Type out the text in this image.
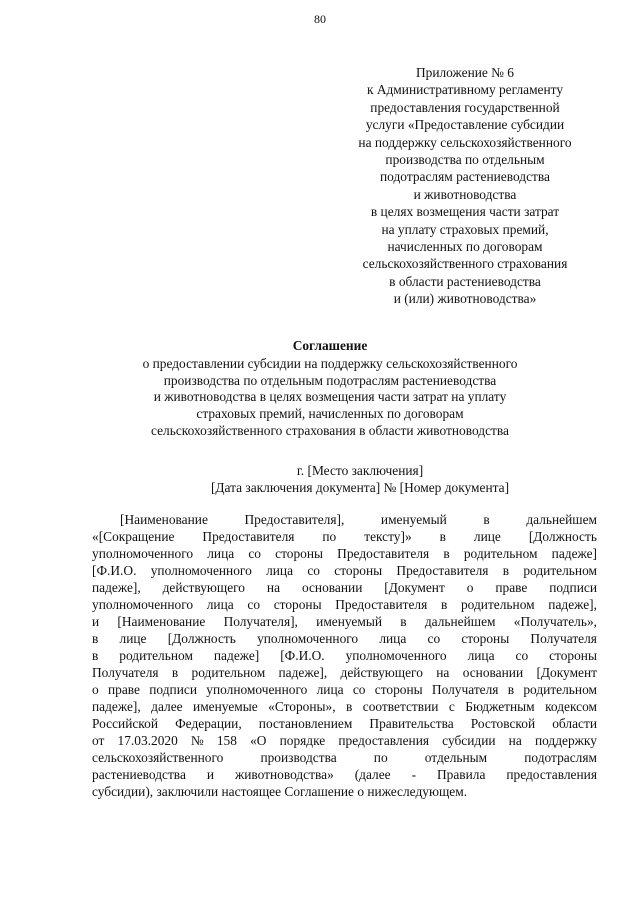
80
Приложение № 6
к Административному регламенту
предоставления государственной
услуги «Предоставление субсидии
на поддержку сельскохозяйственного
производства по отдельным
подотраслям растениеводства
и животноводства
в целях возмещения части затрат
на уплату страховых премий,
начисленных по договорам
сельскохозяйственного страхования
в области растениеводства
и (или) животноводства»
Соглашение
о предоставлении субсидии на поддержку сельскохозяйственного
производства по отдельным подотраслям растениеводства
и животноводства в целях возмещения части затрат на уплату
страховых премий, начисленных по договорам
сельскохозяйственного страхования в области животноводства
г. [Место заключения]
[Дата заключения документа] № [Номер документа]
[Наименование	Предоставителя],	именуемый	в	дальнейшем
«[Сокращение Предоставителя по тексту]» в лице [Должность
уполномоченного лица со стороны Предоставителя в родительном падеже]
[Ф.И.О. уполномоченного лица со стороны Предоставителя в родительном
падеже], действующего на основании [Документ о праве подписи
уполномоченного лица со стороны Предоставителя в родительном падеже],
и [Наименование Получателя], именуемый в дальнейшем «Получатель»,
в лице [Должность уполномоченного лица со стороны Получателя
в родительном падеже] [Ф.И.О. уполномоченного лица со стороны
Получателя в родительном падеже], действующего на основании [Документ
о праве подписи уполномоченного лица со стороны Получателя в родительном
падеже], далее именуемые «Стороны», в соответствии с Бюджетным кодексом
Российской Федерации, постановлением Правительства Ростовской области
от 17.03.2020 № 158 «О порядке предоставления субсидии на поддержку
сельскохозяйственного	производства	по	отдельным	подотраслям
растениеводства и животноводства» (далее - Правила предоставления
субсидии), заключили настоящее Соглашение о нижеследующем.
